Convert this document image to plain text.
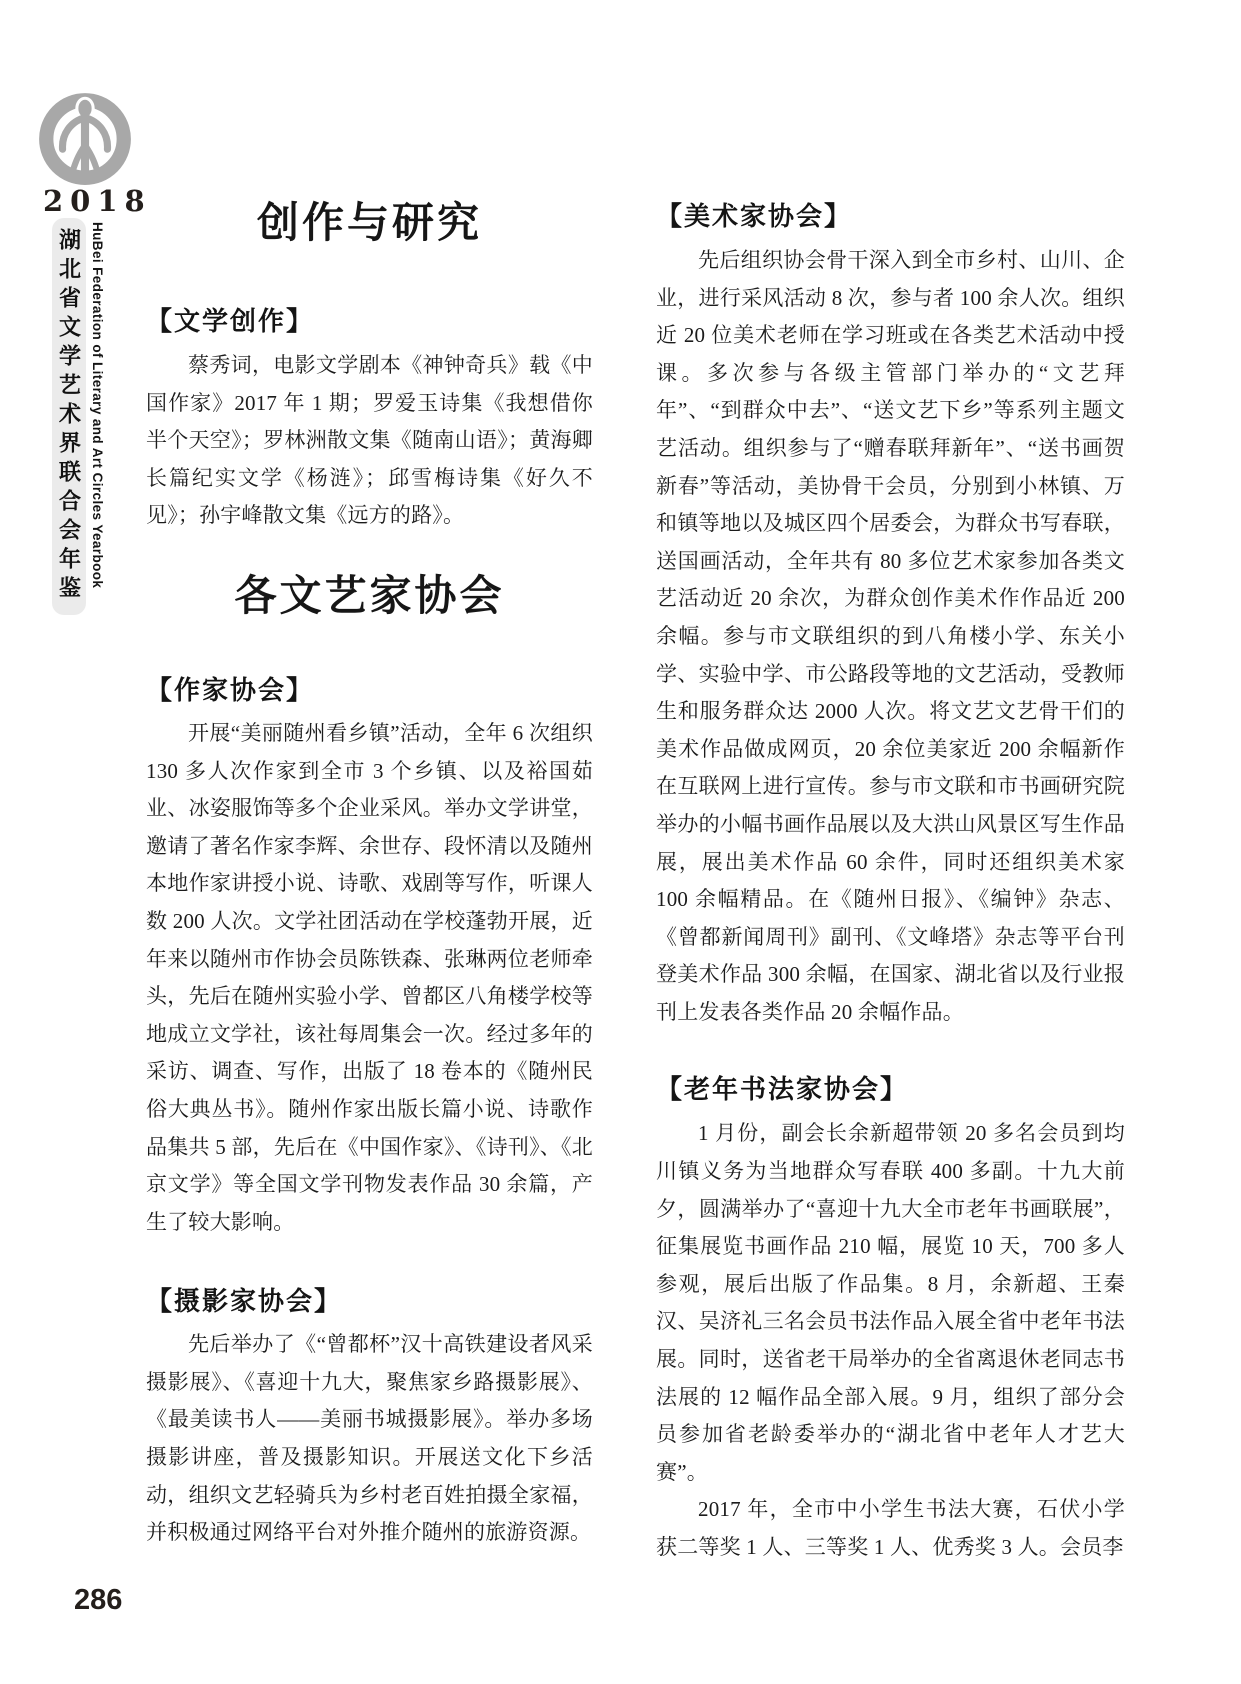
2018
湖北省文学艺术界联合会年鉴 HuBei Federation of Literary and Art Circles Yearbook	创作与研究
【文学创作】

蔡秀词，电影文学剧本《神钟奇兵》载《中国作家》2017 年 1 期；罗爱玉诗集《我想借你半个天空》；罗林洲散文集《随南山语》；黄海卿长篇纪实文学《杨涟》；邱雪梅诗集《好久不见》；孙宇峰散文集《远方的路》。

各文艺家协会
【作家协会】

开展“美丽随州看乡镇”活动，全年 6 次组织 130 多人次作家到全市 3 个乡镇、以及裕国茹业、冰姿服饰等多个企业采风。举办文学讲堂，邀请了著名作家李辉、余世存、段怀清以及随州本地作家讲授小说、诗歌、戏剧等写作，听课人数 200 人次。文学社团活动在学校蓬勃开展，近年来以随州市作协会员陈铁森、张琳两位老师牵头，先后在随州实验小学、曾都区八角楼学校等地成立文学社，该社每周集会一次。经过多年的采访、调查、写作，出版了 18 卷本的《随州民俗大典丛书》。随州作家出版长篇小说、诗歌作品集共 5 部，先后在《中国作家》、《诗刊》、《北京文学》等全国文学刊物发表作品 30 余篇，产生了较大影响。

【摄影家协会】

先后举办了《“曾都杯”汉十高铁建设者风采摄影展》、《喜迎十九大，聚焦家乡路摄影展》、《最美读书人——美丽书城摄影展》。举办多场摄影讲座，普及摄影知识。开展送文化下乡活动，组织文艺轻骑兵为乡村老百姓拍摄全家福，并积极通过网络平台对外推介随州的旅游资源。

【美术家协会】

先后组织协会骨干深入到全市乡村、山川、企业，进行采风活动 8 次，参与者 100 余人次。组织近 20 位美术老师在学习班或在各类艺术活动中授课。多次参与各级主管部门举办的“文艺拜年”、“到群众中去”、“送文艺下乡”等系列主题文艺活动。组织参与了“赠春联拜新年”、“送书画贺新春”等活动，美协骨干会员，分别到小林镇、万和镇等地以及城区四个居委会，为群众书写春联，送国画活动，全年共有 80 多位艺术家参加各类文艺活动近 20 余次，为群众创作美术作作品近 200 余幅。参与市文联组织的到八角楼小学、东关小学、实验中学、市公路段等地的文艺活动，受教师生和服务群众达 2000 人次。将文艺文艺骨干们的美术作品做成网页，20 余位美家近 200 余幅新作在互联网上进行宣传。参与市文联和市书画研究院举办的小幅书画作品展以及大洪山风景区写生作品展，展出美术作品 60 余件，同时还组织美术家 100 余幅精品。在《随州日报》、《编钟》杂志、《曾都新闻周刊》副刊、《文峰塔》杂志等平台刊登美术作品 300 余幅，在国家、湖北省以及行业报刊上发表各类作品 20 余幅作品。

【老年书法家协会】

1 月份，副会长余新超带领 20 多名会员到均川镇义务为当地群众写春联 400 多副。十九大前夕，圆满举办了“喜迎十九大全市老年书画联展”，征集展览书画作品 210 幅，展览 10 天，700 多人参观，展后出版了作品集。8 月，余新超、王秦汉、吴济礼三名会员书法作品入展全省中老年书法展。同时，送省老干局举办的全省离退休老同志书法展的 12 幅作品全部入展。9 月，组织了部分会员参加省老龄委举办的“湖北省中老年人才艺大赛”。

2017 年，全市中小学生书法大赛，石伏小学获二等奖 1 人、三等奖 1 人、优秀奖 3 人。会员李

286
